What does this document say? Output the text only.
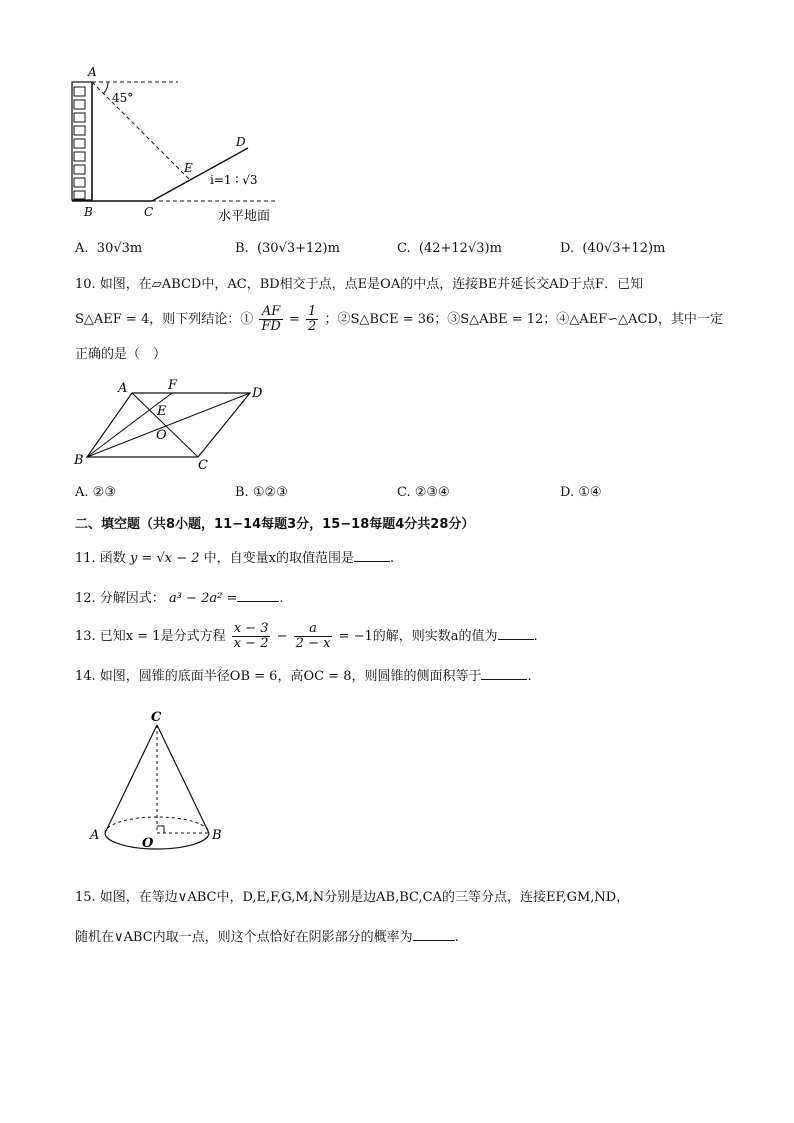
A
45°
D
E
i=1 ∶ √3
B	C	水平地面
A. 30√3m	B. (30√3+12)m	C. (42+12√3)m	D. (40√3+12)m
10. 如图，在▱ABCD中，AC，BD相交于点，点E是OA的中点，连接BE并延长交AD于点F．已知
S△AEF = 4，则下列结论：① $\frac{AF}{FD} = \frac{1}{2}$ ；②S△BCE = 36；③S△ABE = 12；④△AEF∽△ACD，其中一定
正确的是（　）
A	F
D
E
O
B	C
A. ②③	B. ①②③	C. ②③④	D. ①④
二、填空题（共8小题，11−14每题3分，15−18每题4分共28分）
11. 函数 y = √x − 2 中，自变量x的取值范围是	.
12. 分解因式： a³ − 2a² =	.
13. 已知x = 1是分式方程 $\frac{x - 3}{x - 2} - \frac{a}{2 - x} = -1$的解，则实数a的值为	.
14. 如图，圆锥的底面半径OB = 6，高OC = 8，则圆锥的侧面积等于	.
C
A
O
B
15. 如图，在等边∨ABC中，D,E,F,G,M,N分别是边AB,BC,CA的三等分点，连接EF,GM,ND，
随机在∨ABC内取一点，则这个点恰好在阴影部分的概率为	.
